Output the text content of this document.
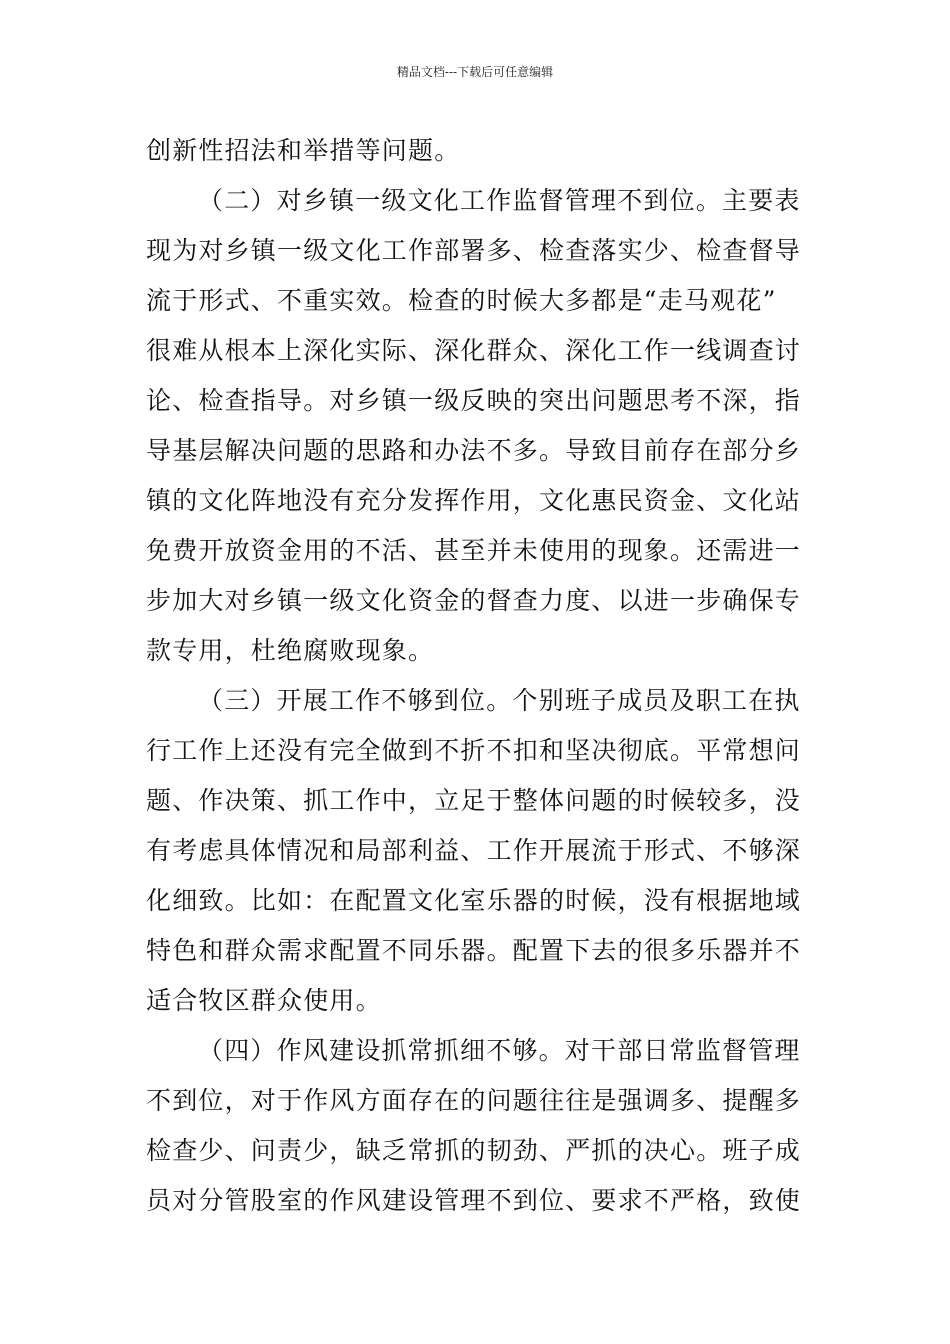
精品文档---下载后可任意编辑
创新性招法和举措等问题。
（二）对乡镇一级文化工作监督管理不到位。主要表
现为对乡镇一级文化工作部署多、检查落实少、检查督导
流于形式、不重实效。检查的时候大多都是“走马观花”
很难从根本上深化实际、深化群众、深化工作一线调查讨
论、检查指导。对乡镇一级反映的突出问题思考不深，指
导基层解决问题的思路和办法不多。导致目前存在部分乡
镇的文化阵地没有充分发挥作用，文化惠民资金、文化站
免费开放资金用的不活、甚至并未使用的现象。还需进一
步加大对乡镇一级文化资金的督查力度、以进一步确保专
款专用，杜绝腐败现象。
（三）开展工作不够到位。个别班子成员及职工在执
行工作上还没有完全做到不折不扣和坚决彻底。平常想问
题、作决策、抓工作中，立足于整体问题的时候较多，没
有考虑具体情况和局部利益、工作开展流于形式、不够深
化细致。比如：在配置文化室乐器的时候，没有根据地域
特色和群众需求配置不同乐器。配置下去的很多乐器并不
适合牧区群众使用。
（四）作风建设抓常抓细不够。对干部日常监督管理
不到位，对于作风方面存在的问题往往是强调多、提醒多
检查少、问责少，缺乏常抓的韧劲、严抓的决心。班子成
员对分管股室的作风建设管理不到位、要求不严格，致使
